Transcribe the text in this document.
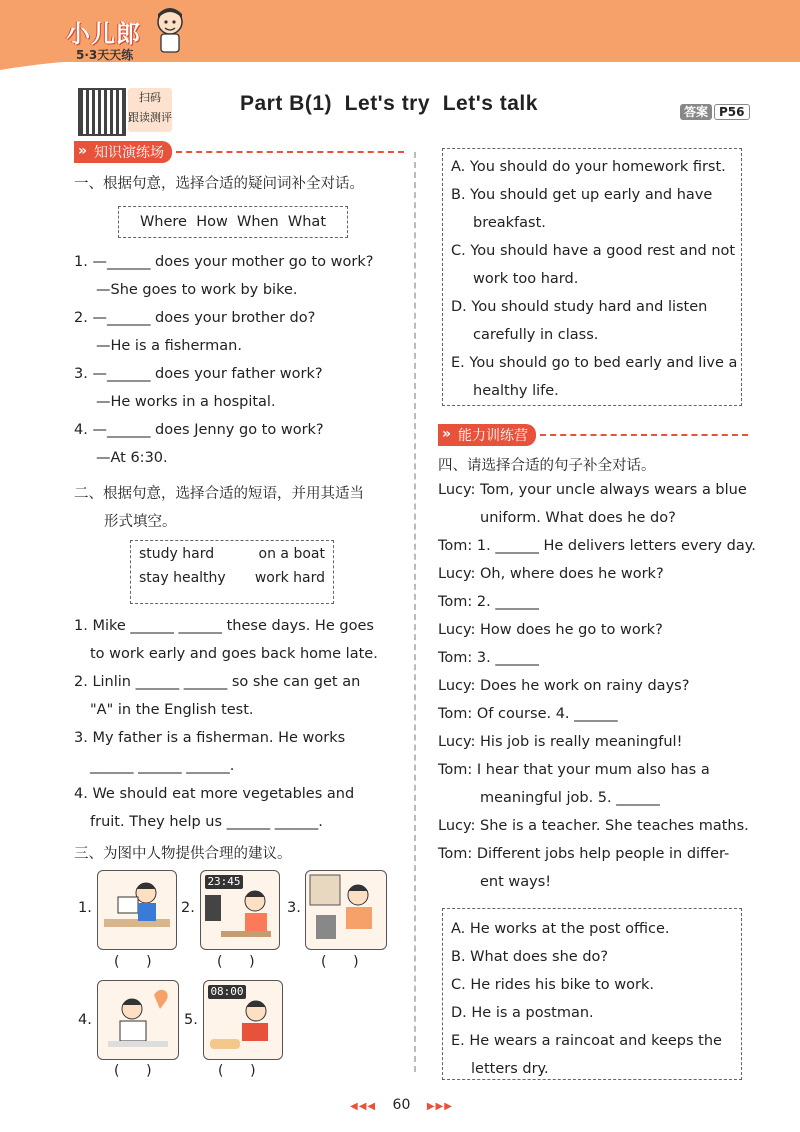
小儿郎
5·3天天练
扫码
跟读测评
Part B(1)  Let's try  Let's talk	答案 P56
» 知识演练场
一、根据句意，选择合适的疑问词补全对话。
Where  How  When  What
1. —______ does your mother go to work?
—She goes to work by bike.
2. —______ does your brother do?
—He is a fisherman.
3. —______ does your father work?
—He works in a hospital.
4. —______ does Jenny go to work?
—At 6:30.
二、根据句意，选择合适的短语，并用其适当
形式填空。
study hard	on a boat
stay healthy work hard
1. Mike ______ ______ these days. He goes
to work early and goes back home late.
2. Linlin ______ ______ so she can get an
"A" in the English test.
3. My father is a fisherman. He works
______ ______ ______.
4. We should eat more vegetables and
fruit. They help us ______ ______.
三、为图中人物提供合理的建议。
1.
(      )
2.
23:45
(      )
3.
(      )
4.
(      )
5.
08:00
(      )
A. You should do your homework first.
B. You should get up early and have
breakfast.
C. You should have a good rest and not
work too hard.
D. You should study hard and listen
carefully in class.
E. You should go to bed early and live a
healthy life.
» 能力训练营
四、请选择合适的句子补全对话。
Lucy: Tom, your uncle always wears a blue
uniform. What does he do?
Tom: 1. ______ He delivers letters every day.
Lucy: Oh, where does he work?
Tom: 2. ______
Lucy: How does he go to work?
Tom: 3. ______
Lucy: Does he work on rainy days?
Tom: Of course. 4. ______
Lucy: His job is really meaningful!
Tom: I hear that your mum also has a
meaningful job. 5. ______
Lucy: She is a teacher. She teaches maths.
Tom: Different jobs help people in differ-
ent ways!
A. He works at the post office.
B. What does she do?
C. He rides his bike to work.
D. He is a postman.
E. He wears a raincoat and keeps the
letters dry.
◀◀◀ 60 ▶▶▶
